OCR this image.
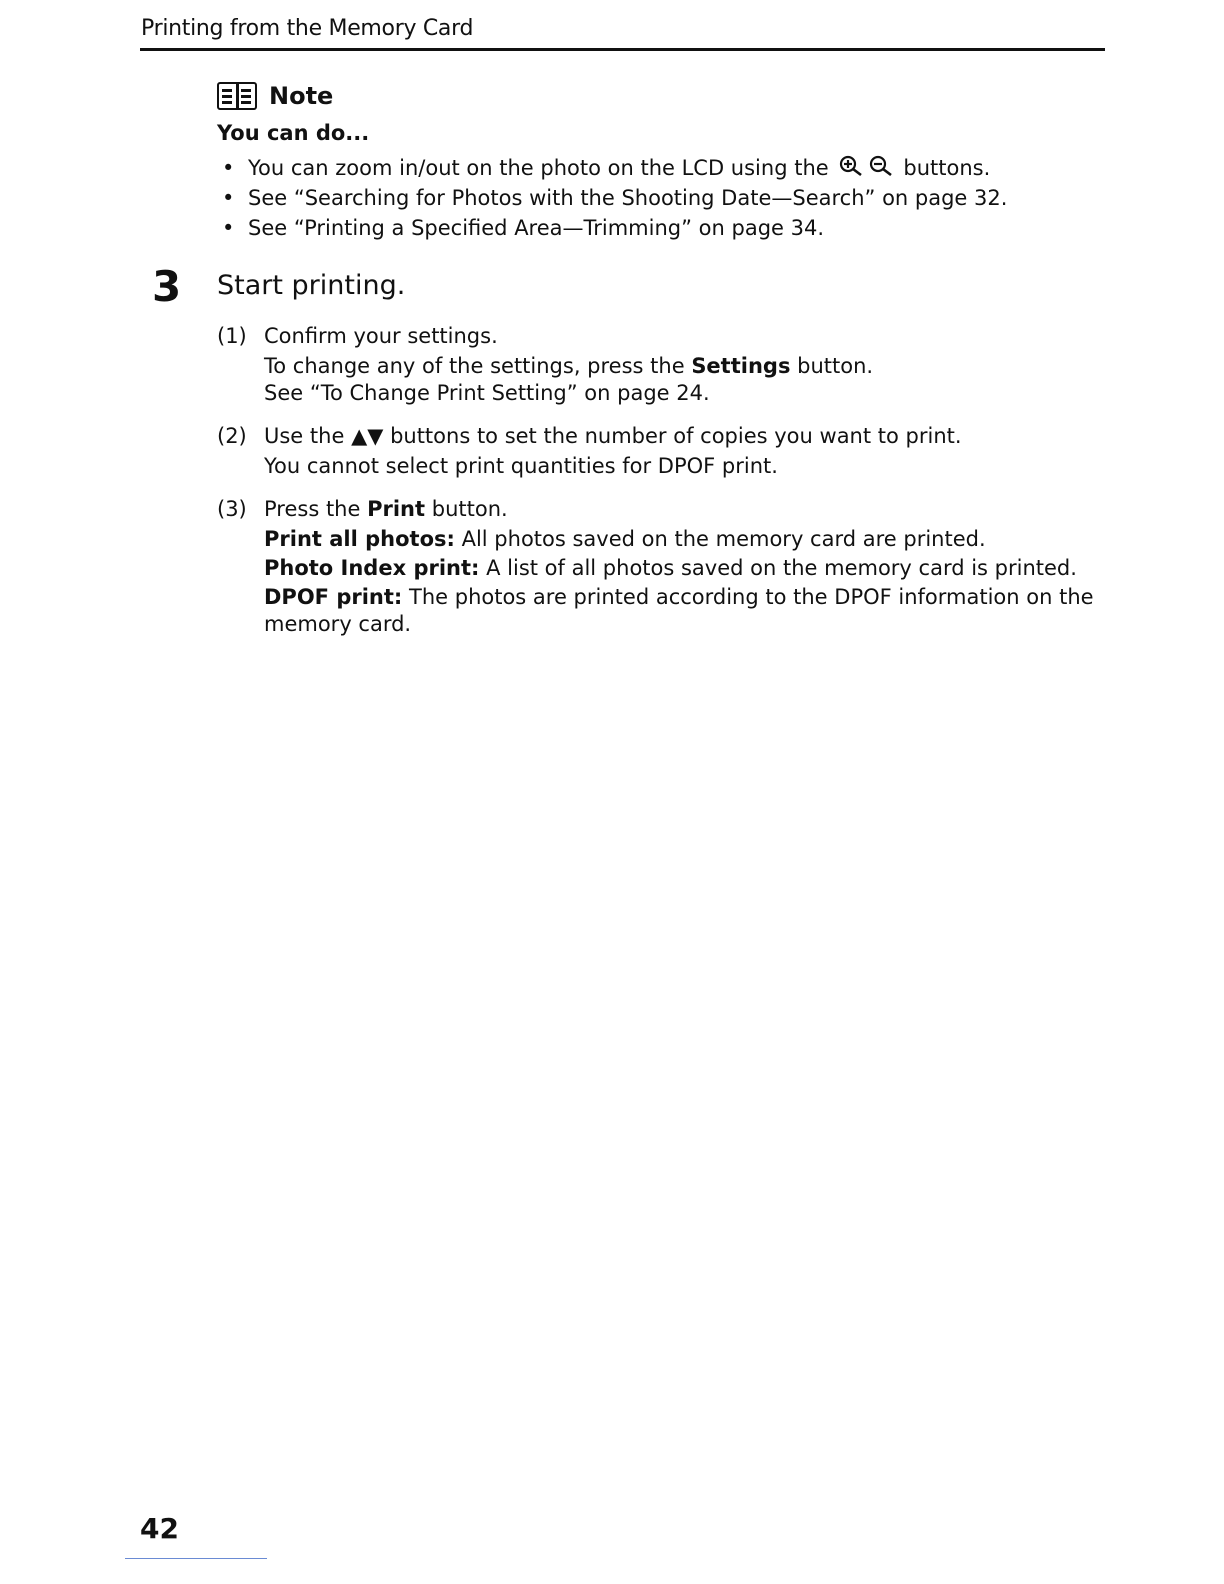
Printing from the Memory Card
Note
You can do...
• You can zoom in/out on the photo on the LCD using the	buttons.
• See “Searching for Photos with the Shooting Date—Search” on page 32.
• See “Printing a Specified Area—Trimming” on page 34.
3 Start printing.
(1) Confirm your settings.
To change any of the settings, press the Settings button.
See “To Change Print Setting” on page 24.
(2) Use the ▲▼ buttons to set the number of copies you want to print.
You cannot select print quantities for DPOF print.
(3) Press the Print button.
Print all photos: All photos saved on the memory card are printed.
Photo Index print: A list of all photos saved on the memory card is printed.
DPOF print: The photos are printed according to the DPOF information on the
memory card.
42
